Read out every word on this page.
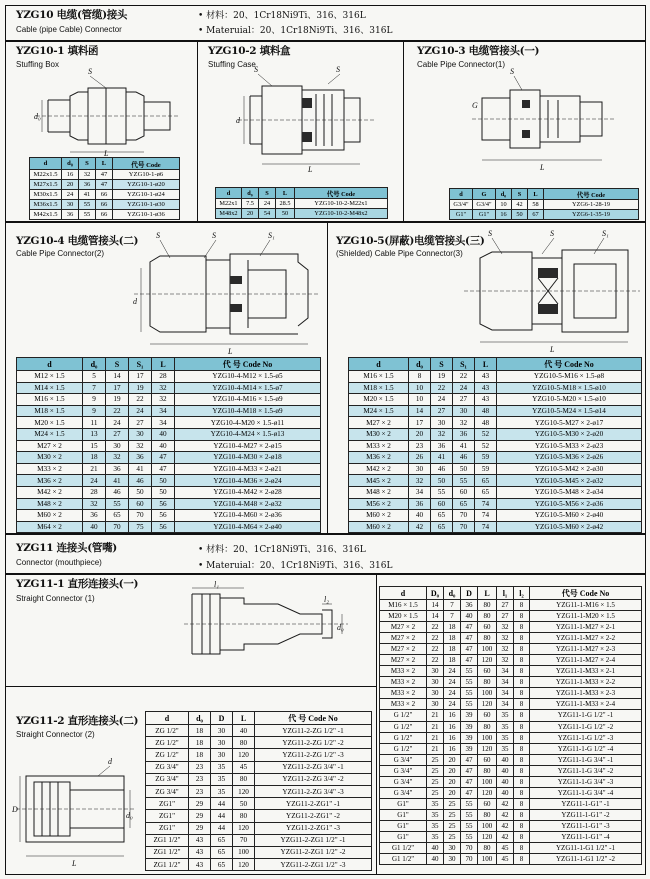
YZG10 电缆(管缆)接头
Cable (pipe Cable) Connector
• 材料：20、1Cr18Ni9Ti、316、316L
• Materuial：20、1Cr18Ni9Ti、316、316L
YZG10-1 填料函
Stuffing Box
S
d₀
L
d	d₀	S	L	代号 Code
M22x1.5	16	32	47	YZG10-1-ø6
M27x1.5	20	36	47	YZG10-1-ø20
M30x1.5	24	41	66	YZG10-1-ø24
M36x1.5	30	55	66	YZG10-1-ø30
M42x1.5	36	55	66	YZG10-1-ø36
YZG10-2 填料盒
Stuffing Case
S	S
d
L
d	d₀	S	L	代号 Code
M22x1	7.5	24	28.5	YZG10-10-2-M22x1
M48x2	20	54	50	YZG10-10-2-M48x2
YZG10-3 电缆管接头(一)
Cable Pipe Connector(1)
S
G
L
d	G	d₀	S	L	代号 Code
G3/4"	G3/4"	10	42	58	YZG6-1-28-19
G1"	G1"	16	50	67	YZG6-1-35-19
YZG10-4 电缆管接头(二)
Cable Pipe Connector(2)
S	S	S₁
L
d
d	d₀	S	S₁	L	代 号 Code No
M12 × 1.5	5	14	17	28	YZG10-4-M12 × 1.5-ø5
M14 × 1.5	7	17	19	32	YZG10-4-M14 × 1.5-ø7
M16 × 1.5	9	19	22	32	YZG10-4-M16 × 1.5-ø9
M18 × 1.5	9	22	24	34	YZG10-4-M18 × 1.5-ø9
M20 × 1.5	11	24	27	34	YZG10-4-M20 × 1.5-ø11
M24 × 1.5	13	27	30	40	YZG10-4-M24 × 1.5-ø13
M27 × 2	15	30	32	40	YZG10-4-M27 × 2-ø15
M30 × 2	18	32	36	47	YZG10-4-M30 × 2-ø18
M33 × 2	21	36	41	47	YZG10-4-M33 × 2-ø21
M36 × 2	24	41	46	50	YZG10-4-M36 × 2-ø24
M42 × 2	28	46	50	50	YZG10-4-M42 × 2-ø28
M48 × 2	32	55	60	56	YZG10-4-M48 × 2-ø32
M60 × 2	36	65	70	56	YZG10-4-M60 × 2-ø36
M64 × 2	40	70	75	56	YZG10-4-M64 × 2-ø40
YZG10-5(屏蔽)电缆管接头(三)
(Shielded) Cable Pipe Connector(3)
S	S	S₁
L
d	d₀	S	S₁	L	代 号 Code No
M16 × 1.5	8	19	22	43	YZG10-5-M16 × 1.5-ø8
M18 × 1.5	10	22	24	43	YZG10-5-M18 × 1.5-ø10
M20 × 1.5	10	24	27	43	YZG10-5-M20 × 1.5-ø10
M24 × 1.5	14	27	30	48	YZG10-5-M24 × 1.5-ø14
M27 × 2	17	30	32	48	YZG10-5-M27 × 2-ø17
M30 × 2	20	32	36	52	YZG10-5-M30 × 2-ø20
M33 × 2	23	36	41	52	YZG10-5-M33 × 2-ø23
M36 × 2	26	41	46	59	YZG10-5-M36 × 2-ø26
M42 × 2	30	46	50	59	YZG10-5-M42 × 2-ø30
M45 × 2	32	50	55	65	YZG10-5-M45 × 2-ø32
M48 × 2	34	55	60	65	YZG10-5-M48 × 2-ø34
M56 × 2	36	60	65	74	YZG10-5-M56 × 2-ø36
M60 × 2	40	65	70	74	YZG10-5-M60 × 2-ø40
M60 × 2	42	65	70	74	YZG10-5-M60 × 2-ø42
YZG11 连接头(管嘴)
Connector (mouthpiece)
• 材料：20、1Cr18Ni9Ti、316、316L
• Materuial：20、1Cr18Ni9Ti、316、316L
YZG11-1 直形连接头(一)
Straight Connector (1)
l₁
l₂
d₀
YZG11-2 直形连接头(二)
Straight Connector (2)
d
D
d₀
L
d	d₀	D	L	代 号 Code No
ZG 1/2"	18	30	40	YZG11-2-ZG 1/2" -1
ZG 1/2"	18	30	80	YZG11-2-ZG 1/2" -2
ZG 1/2"	18	30	120	YZG11-2-ZG 1/2" -3
ZG 3/4"	23	35	45	YZG11-2-ZG 3/4" -1
ZG 3/4"	23	35	80	YZG11-2-ZG 3/4" -2
ZG 3/4"	23	35	120	YZG11-2-ZG 3/4" -3
ZG1"	29	44	50	YZG11-2-ZG1" -1
ZG1"	29	44	80	YZG11-2-ZG1" -2
ZG1"	29	44	120	YZG11-2-ZG1" -3
ZG1 1/2"	43	65	70	YZG11-2-ZG1 1/2" -1
ZG1 1/2"	43	65	100	YZG11-2-ZG1 1/2" -2
ZG1 1/2"	43	65	120	YZG11-2-ZG1 1/2" -3
d	D₀	d₀	D	L	l₁	l₂	代号 Code No
M16 × 1.5	14	7	36	80	27	8	YZG11-1-M16 × 1.5
M20 × 1.5	14	7	40	80	27	8	YZG11-1-M20 × 1.5
M27 × 2	22	18	47	60	32	8	YZG11-1-M27 × 2-1
M27 × 2	22	18	47	80	32	8	YZG11-1-M27 × 2-2
M27 × 2	22	18	47	100	32	8	YZG11-1-M27 × 2-3
M27 × 2	22	18	47	120	32	8	YZG11-1-M27 × 2-4
M33 × 2	30	24	55	60	34	8	YZG11-1-M33 × 2-1
M33 × 2	30	24	55	80	34	8	YZG11-1-M33 × 2-2
M33 × 2	30	24	55	100	34	8	YZG11-1-M33 × 2-3
M33 × 2	30	24	55	120	34	8	YZG11-1-M33 × 2-4
G 1/2"	21	16	39	60	35	8	YZG11-1-G 1/2" -1
G 1/2"	21	16	39	80	35	8	YZG11-1-G 1/2" -2
G 1/2"	21	16	39	100	35	8	YZG11-1-G 1/2" -3
G 1/2"	21	16	39	120	35	8	YZG11-1-G 1/2" -4
G 3/4"	25	20	47	60	40	8	YZG11-1-G 3/4" -1
G 3/4"	25	20	47	80	40	8	YZG11-1-G 3/4" -2
G 3/4"	25	20	47	100	40	8	YZG11-1-G 3/4" -3
G 3/4"	25	20	47	120	40	8	YZG11-1-G 3/4" -4
G1"	35	25	55	60	42	8	YZG11-1-G1" -1
G1"	35	25	55	80	42	8	YZG11-1-G1" -2
G1"	35	25	55	100	42	8	YZG11-1-G1" -3
G1"	35	25	55	120	42	8	YZG11-1-G1" -4
G1 1/2"	40	30	70	80	45	8	YZG11-1-G1 1/2" -1
G1 1/2"	40	30	70	100	45	8	YZG11-1-G1 1/2" -2
